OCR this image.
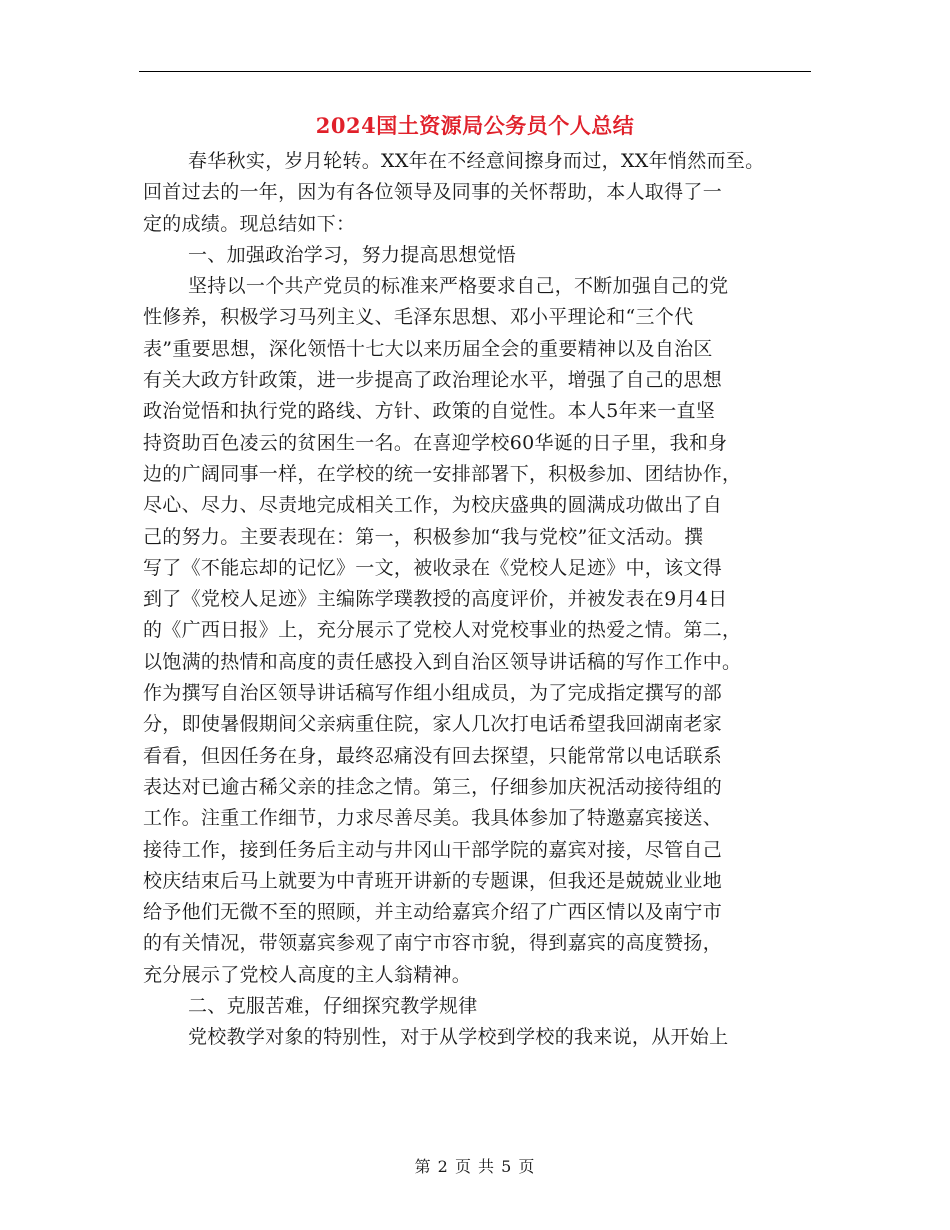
2024国土资源局公务员个人总结
春华秋实，岁月轮转。XX年在不经意间擦身而过，XX年悄然而至。
回首过去的一年，因为有各位领导及同事的关怀帮助，本人取得了一
定的成绩。现总结如下：
一、加强政治学习，努力提高思想觉悟
坚持以一个共产党员的标准来严格要求自己，不断加强自己的党
性修养，积极学习马列主义、毛泽东思想、邓小平理论和“三个代
表”重要思想，深化领悟十七大以来历届全会的重要精神以及自治区
有关大政方针政策，进一步提高了政治理论水平，增强了自己的思想
政治觉悟和执行党的路线、方针、政策的自觉性。本人5年来一直坚
持资助百色凌云的贫困生一名。在喜迎学校60华诞的日子里，我和身
边的广阔同事一样，在学校的统一安排部署下，积极参加、团结协作，
尽心、尽力、尽责地完成相关工作，为校庆盛典的圆满成功做出了自
己的努力。主要表现在：第一，积极参加“我与党校”征文活动。撰
写了《不能忘却的记忆》一文，被收录在《党校人足迹》中，该文得
到了《党校人足迹》主编陈学璞教授的高度评价，并被发表在9月4日
的《广西日报》上，充分展示了党校人对党校事业的热爱之情。第二，
以饱满的热情和高度的责任感投入到自治区领导讲话稿的写作工作中。
作为撰写自治区领导讲话稿写作组小组成员，为了完成指定撰写的部
分，即使暑假期间父亲病重住院，家人几次打电话希望我回湖南老家
看看，但因任务在身，最终忍痛没有回去探望，只能常常以电话联系
表达对已逾古稀父亲的挂念之情。第三，仔细参加庆祝活动接待组的
工作。注重工作细节，力求尽善尽美。我具体参加了特邀嘉宾接送、
接待工作，接到任务后主动与井冈山干部学院的嘉宾对接，尽管自己
校庆结束后马上就要为中青班开讲新的专题课，但我还是兢兢业业地
给予他们无微不至的照顾，并主动给嘉宾介绍了广西区情以及南宁市
的有关情况，带领嘉宾参观了南宁市容市貌，得到嘉宾的高度赞扬，
充分展示了党校人高度的主人翁精神。
二、克服苦难，仔细探究教学规律
党校教学对象的特别性，对于从学校到学校的我来说，从开始上
第 2 页 共 5 页
